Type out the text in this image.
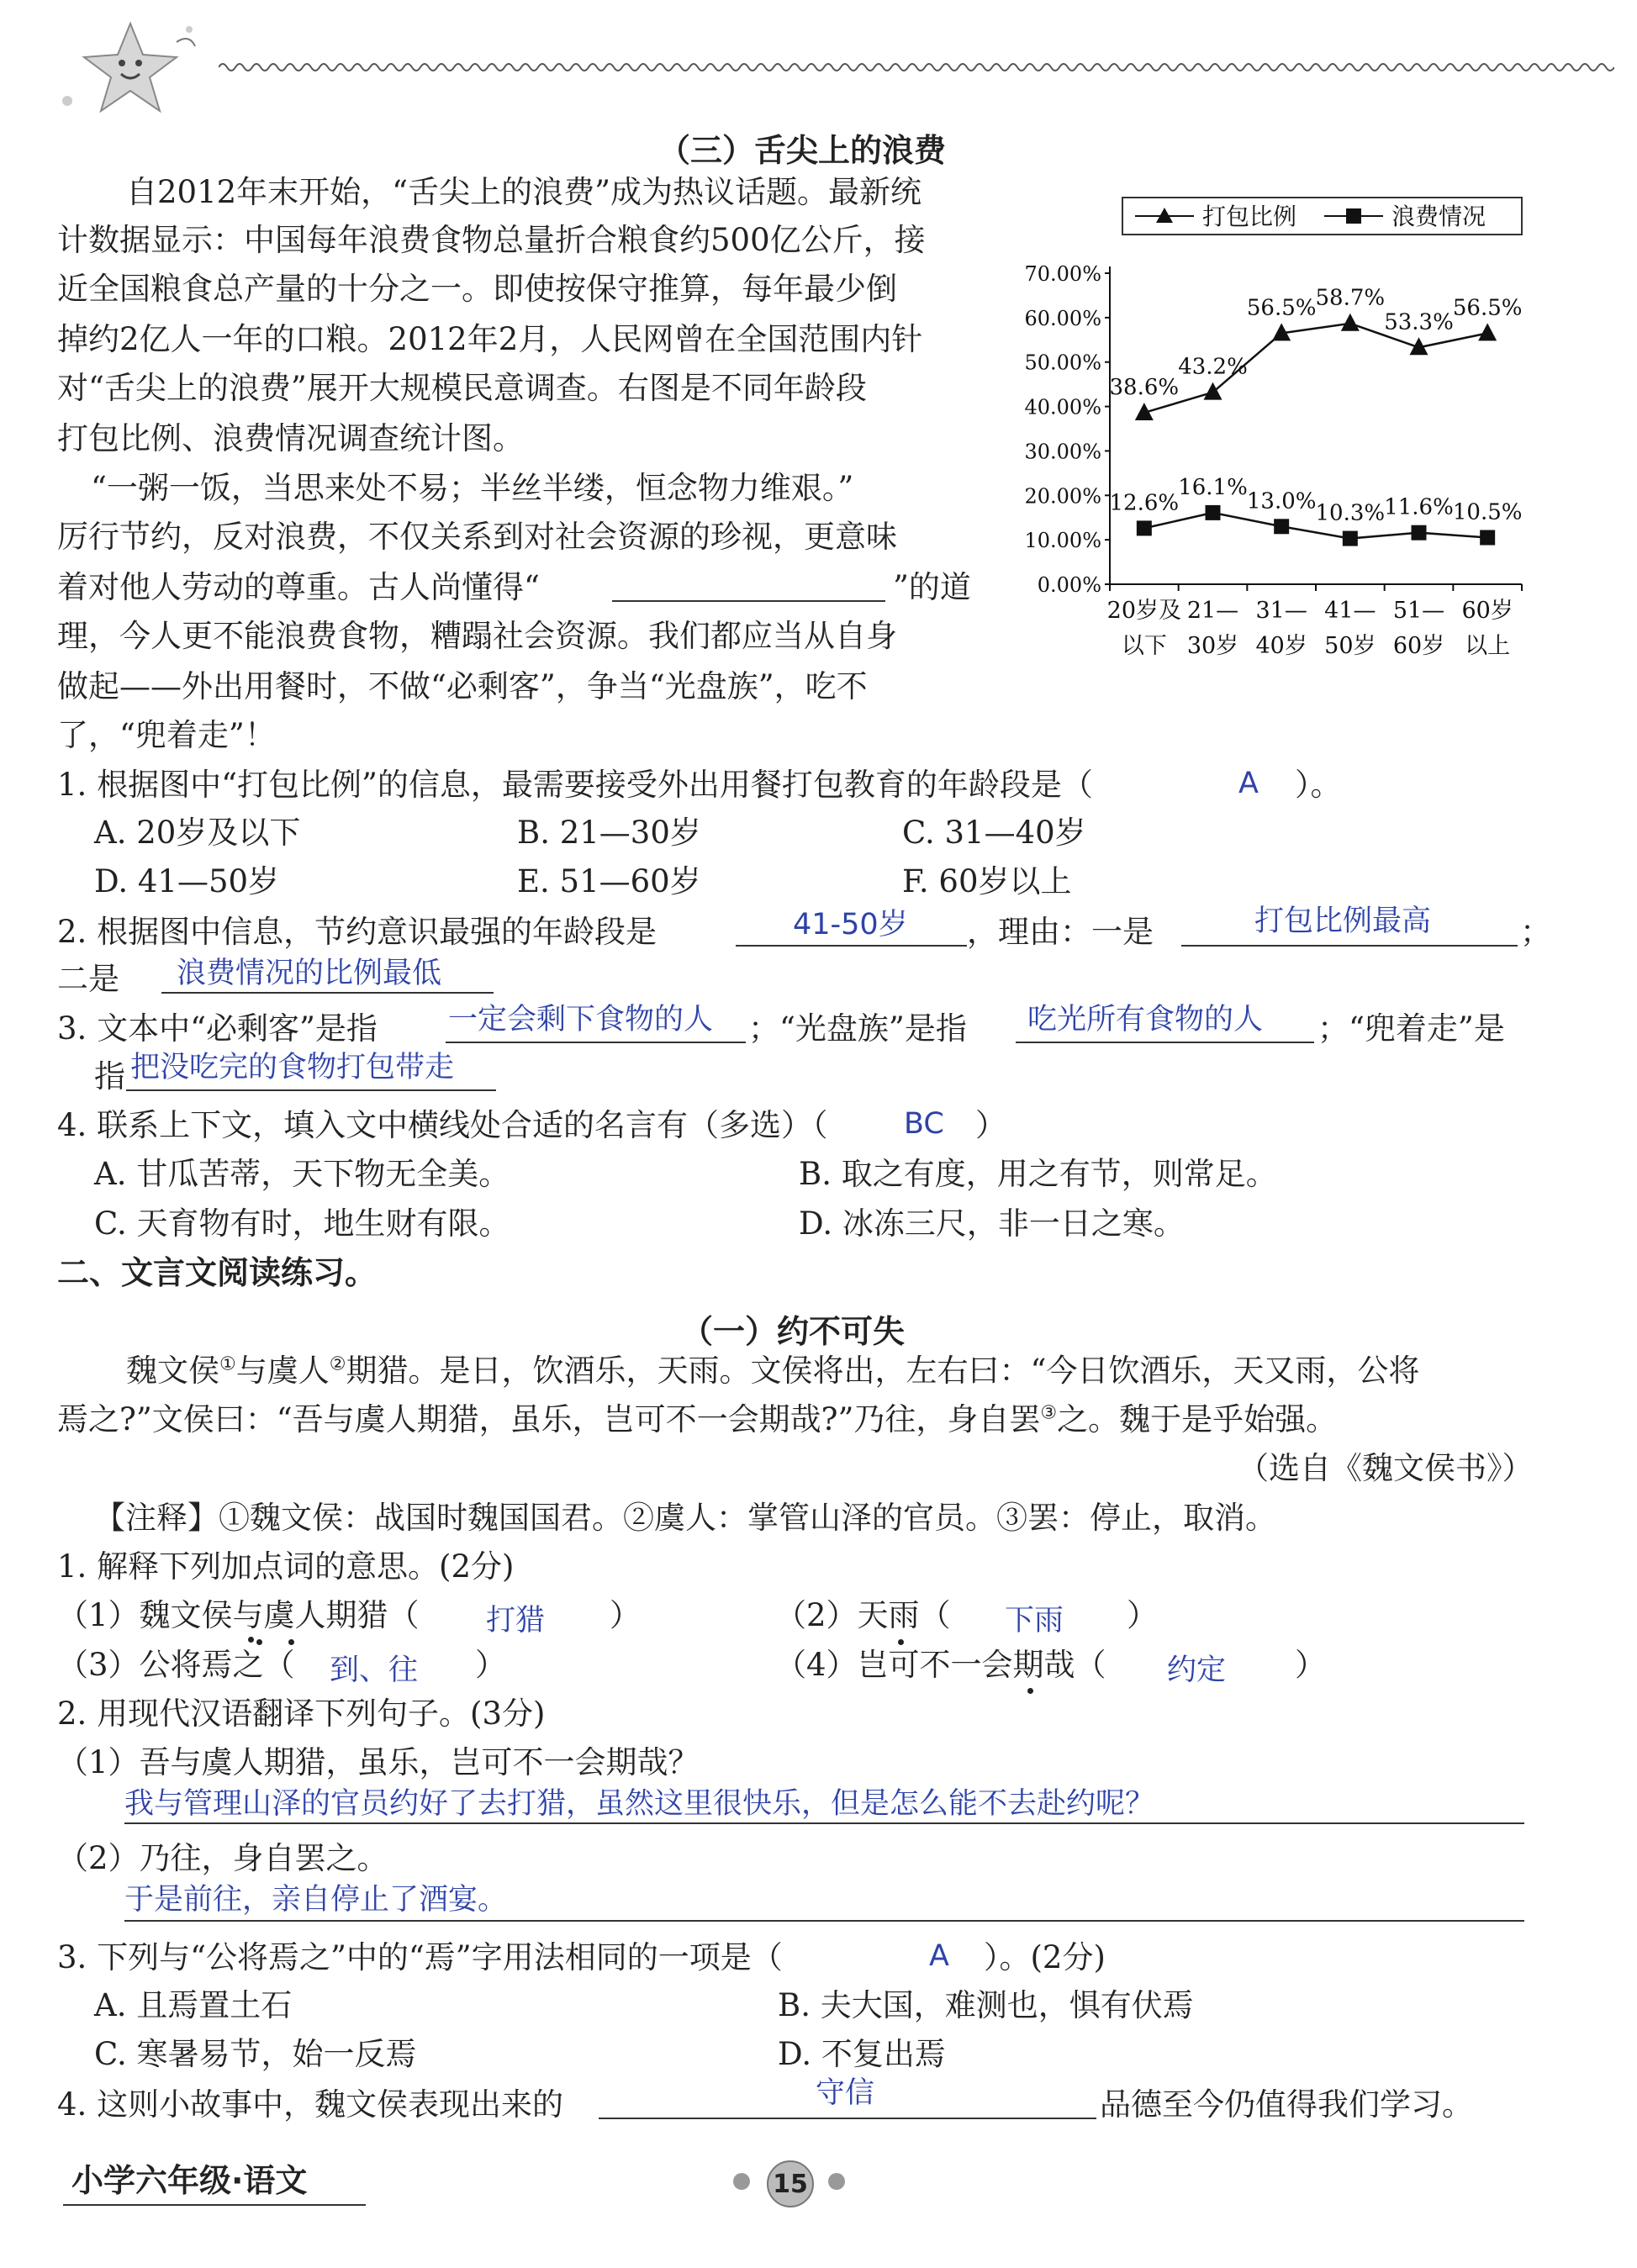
（三）舌尖上的浪费
自2012年末开始，“舌尖上的浪费”成为热议话题。最新统
计数据显示：中国每年浪费食物总量折合粮食约500亿公斤，接
近全国粮食总产量的十分之一。即使按保守推算，每年最少倒
掉约2亿人一年的口粮。2012年2月，人民网曾在全国范围内针
对“舌尖上的浪费”展开大规模民意调查。右图是不同年龄段
打包比例、浪费情况调查统计图。
“一粥一饭，当思来处不易；半丝半缕，恒念物力维艰。”
厉行节约，反对浪费，不仅关系到对社会资源的珍视，更意味
着对他人劳动的尊重。古人尚懂得“	”的道
理，今人更不能浪费食物，糟蹋社会资源。我们都应当从自身
做起——外出用餐时，不做“必剩客”，争当“光盘族”，吃不
了，“兜着走”！
打包比例	浪费情况
0.00%
10.00%
20.00%
30.00%
40.00%
50.00%
60.00%
70.00%
20岁及
以下
21—
30岁
31—
40岁
41—
50岁
51—
60岁
60岁
以上
38.6%
43.2%
56.5% 58.7%
53.3%
56.5%
12.6%
16.1%
13.0% 10.3% 11.6% 10.5%
1. 根据图中“打包比例”的信息，最需要接受外出用餐打包教育的年龄段是（	A ）。
A. 20岁及以下	B. 21—30岁	C. 31—40岁
D. 41—50岁	E. 51—60岁	F. 60岁以上
2. 根据图中信息，节约意识最强的年龄段是	41-50岁 ，理由：一是	打包比例最高	；
二是 浪费情况的比例最低
3. 文本中“必剩客”是指 一定会剩下食物的人 ；“光盘族”是指 吃光所有食物的人 ；“兜着走”是
指 把没吃完的食物打包带走
4. 联系上下文，填入文中横线处合适的名言有（多选）（	BC ）
A. 甘瓜苦蒂，天下物无全美。	B. 取之有度，用之有节，则常足。
C. 天育物有时，地生财有限。	D. 冰冻三尺，非一日之寒。
二、文言文阅读练习。
（一）约不可失
魏文侯①与虞人②期猎。是日，饮酒乐，天雨。文侯将出，左右曰：“今日饮酒乐，天又雨，公将
焉之?”文侯曰：“吾与虞人期猎，虽乐，岂可不一会期哉?”乃往，身自罢③之。魏于是乎始强。
（选自《魏文侯书》）
【注释】①魏文侯：战国时魏国国君。②虞人：掌管山泽的官员。③罢：停止，取消。
1. 解释下列加点词的意思。(2分)
（1）魏文侯与虞人期猎（ 打猎 ）	（2）天雨（ 下雨 ）
（3）公将焉之（ 到、往 ）	（4）岂可不一会期哉（ 约定 ）
2. 用现代汉语翻译下列句子。(3分)
（1）吾与虞人期猎，虽乐，岂可不一会期哉？
我与管理山泽的官员约好了去打猎，虽然这里很快乐，但是怎么能不去赴约呢？
（2）乃往，身自罢之。
于是前往，亲自停止了酒宴。
3. 下列与“公将焉之”中的“焉”字用法相同的一项是（	A ）。(2分)
A. 且焉置土石	B. 夫大国，难测也，惧有伏焉
C. 寒暑易节，始一反焉	D. 不复出焉
4. 这则小故事中，魏文侯表现出来的	守信	品德至今仍值得我们学习。
小学六年级·语文	15
